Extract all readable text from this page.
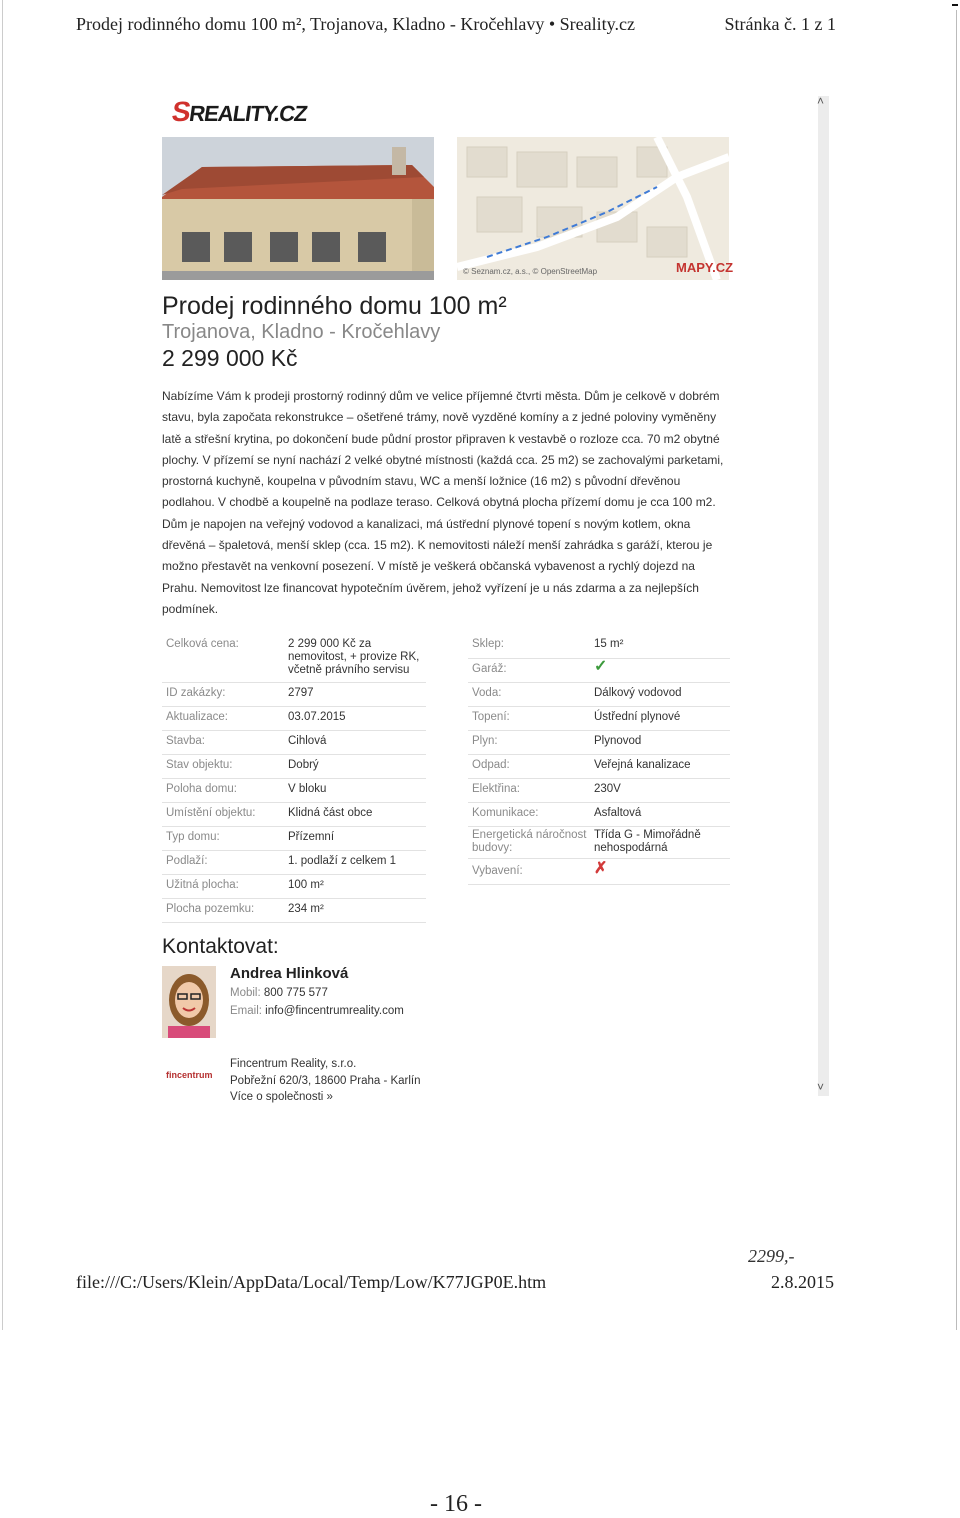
Prodej rodinného domu 100 m², Trojanova, Kladno - Kročehlavy • Sreality.cz	Stránka č. 1 z 1
SREALITY.CZ
© Seznam.cz, a.s., © OpenStreetMap	MAPY.CZ
Prodej rodinného domu 100 m²
Trojanova, Kladno - Kročehlavy
2 299 000 Kč
Nabízíme Vám k prodeji prostorný rodinný dům ve velice příjemné čtvrti města. Dům je celkově v dobrém stavu, byla započata rekonstrukce – ošetřené trámy, nově vyzděné komíny a z jedné poloviny vyměněny latě a střešní krytina, po dokončení bude půdní prostor připraven k vestavbě o rozloze cca. 70 m2 obytné plochy. V přízemí se nyní nachází 2 velké obytné místnosti (každá cca. 25 m2) se zachovalými parketami, prostorná kuchyně, koupelna v původním stavu, WC a menší ložnice (16 m2) s původní dřevěnou podlahou. V chodbě a koupelně na podlaze teraso. Celková obytná plocha přízemí domu je cca 100 m2. Dům je napojen na veřejný vodovod a kanalizaci, má ústřední plynové topení s novým kotlem, okna dřevěná – špaletová, menší sklep (cca. 15 m2). K nemovitosti náleží menší zahrádka s garáží, kterou je možno přestavět na venkovní posezení. V místě je veškerá občanská vybavenost a rychlý dojezd na Prahu. Nemovitost lze financovat hypotečním úvěrem, jehož vyřízení je u nás zdarma a za nejlepších podmínek.
Celková cena:	2 299 000 Kč za nemovitost, + provize RK, včetně právního servisu
ID zakázky:	2797
Aktualizace:	03.07.2015
Stavba:	Cihlová
Stav objektu:	Dobrý
Poloha domu:	V bloku
Umístění objektu:	Klidná část obce
Typ domu:	Přízemní
Podlaží:	1. podlaží z celkem 1
Užitná plocha:	100 m²
Plocha pozemku:	234 m²
Sklep:	15 m²
Garáž:	✓
Voda:	Dálkový vodovod
Topení:	Ústřední plynové
Plyn:	Plynovod
Odpad:	Veřejná kanalizace
Elektřina:	230V
Komunikace:	Asfaltová
Energetická náročnost budovy:
Třída G - Mimořádně nehospodárná
Vybavení:	✗
Kontaktovat:
Andrea Hlinková
Mobil: 800 775 577
Email: info@fincentrumreality.com
fincentrum
Fincentrum Reality, s.r.o.
Pobřežní 620/3, 18600 Praha - Karlín
Více o společnosti »
˄
˅
2299,-
file:///C:/Users/Klein/AppData/Local/Temp/Low/K77JGP0E.htm	2.8.2015
- 16 -
